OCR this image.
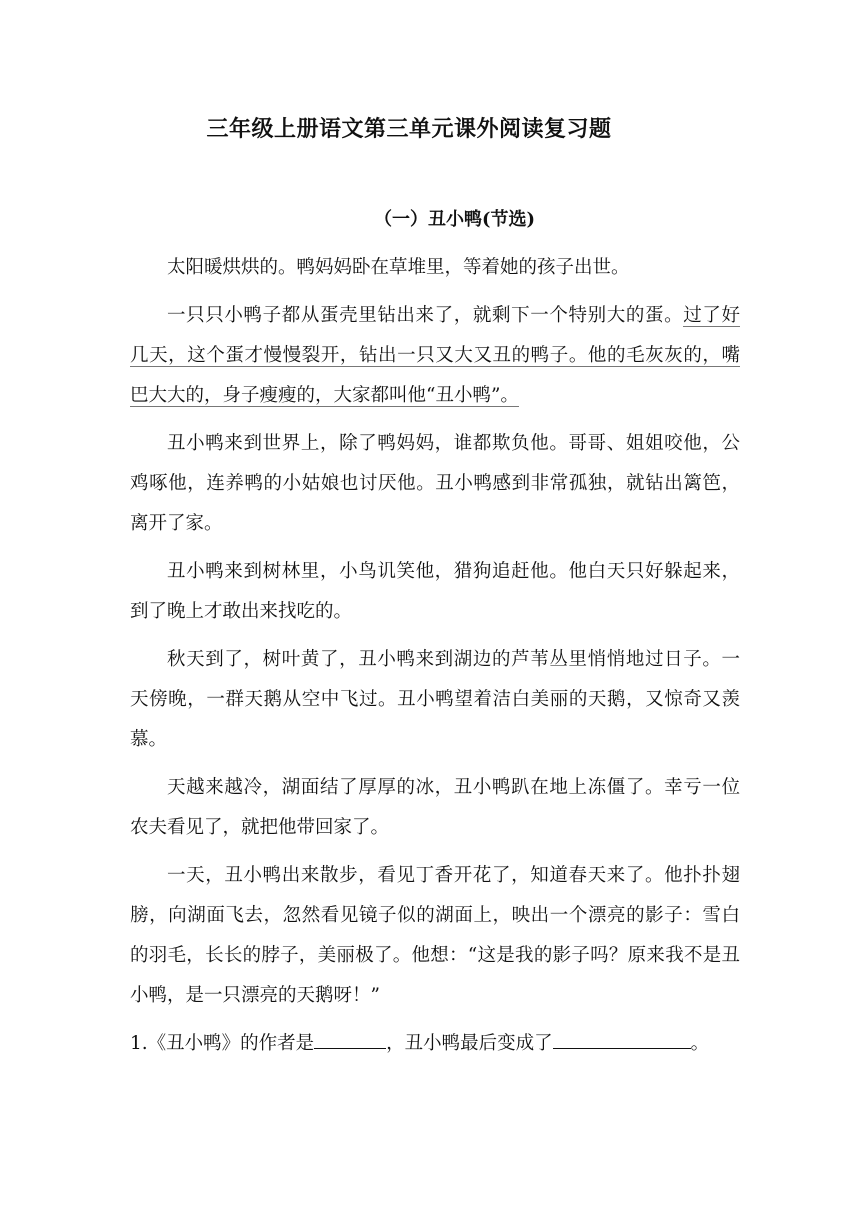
三年级上册语文第三单元课外阅读复习题
（一）丑小鸭(节选)

太阳暖烘烘的。鸭妈妈卧在草堆里，等着她的孩子出世。

一只只小鸭子都从蛋壳里钻出来了，就剩下一个特别大的蛋。过了好几天，这个蛋才慢慢裂开，钻出一只又大又丑的鸭子。他的毛灰灰的，嘴巴大大的，身子瘦瘦的，大家都叫他“丑小鸭”。

丑小鸭来到世界上，除了鸭妈妈，谁都欺负他。哥哥、姐姐咬他，公鸡啄他，连养鸭的小姑娘也讨厌他。丑小鸭感到非常孤独，就钻出篱笆，离开了家。

丑小鸭来到树林里，小鸟讥笑他，猎狗追赶他。他白天只好躲起来，到了晚上才敢出来找吃的。

秋天到了，树叶黄了，丑小鸭来到湖边的芦苇丛里悄悄地过日子。一天傍晚，一群天鹅从空中飞过。丑小鸭望着洁白美丽的天鹅，又惊奇又羡慕。

天越来越冷，湖面结了厚厚的冰，丑小鸭趴在地上冻僵了。幸亏一位农夫看见了，就把他带回家了。

一天，丑小鸭出来散步，看见丁香开花了，知道春天来了。他扑扑翅膀，向湖面飞去，忽然看见镜子似的湖面上，映出一个漂亮的影子：雪白的羽毛，长长的脖子，美丽极了。他想：“这是我的影子吗？原来我不是丑小鸭，是一只漂亮的天鹅呀！”

1.《丑小鸭》的作者是	，丑小鸭最后变成了	。
